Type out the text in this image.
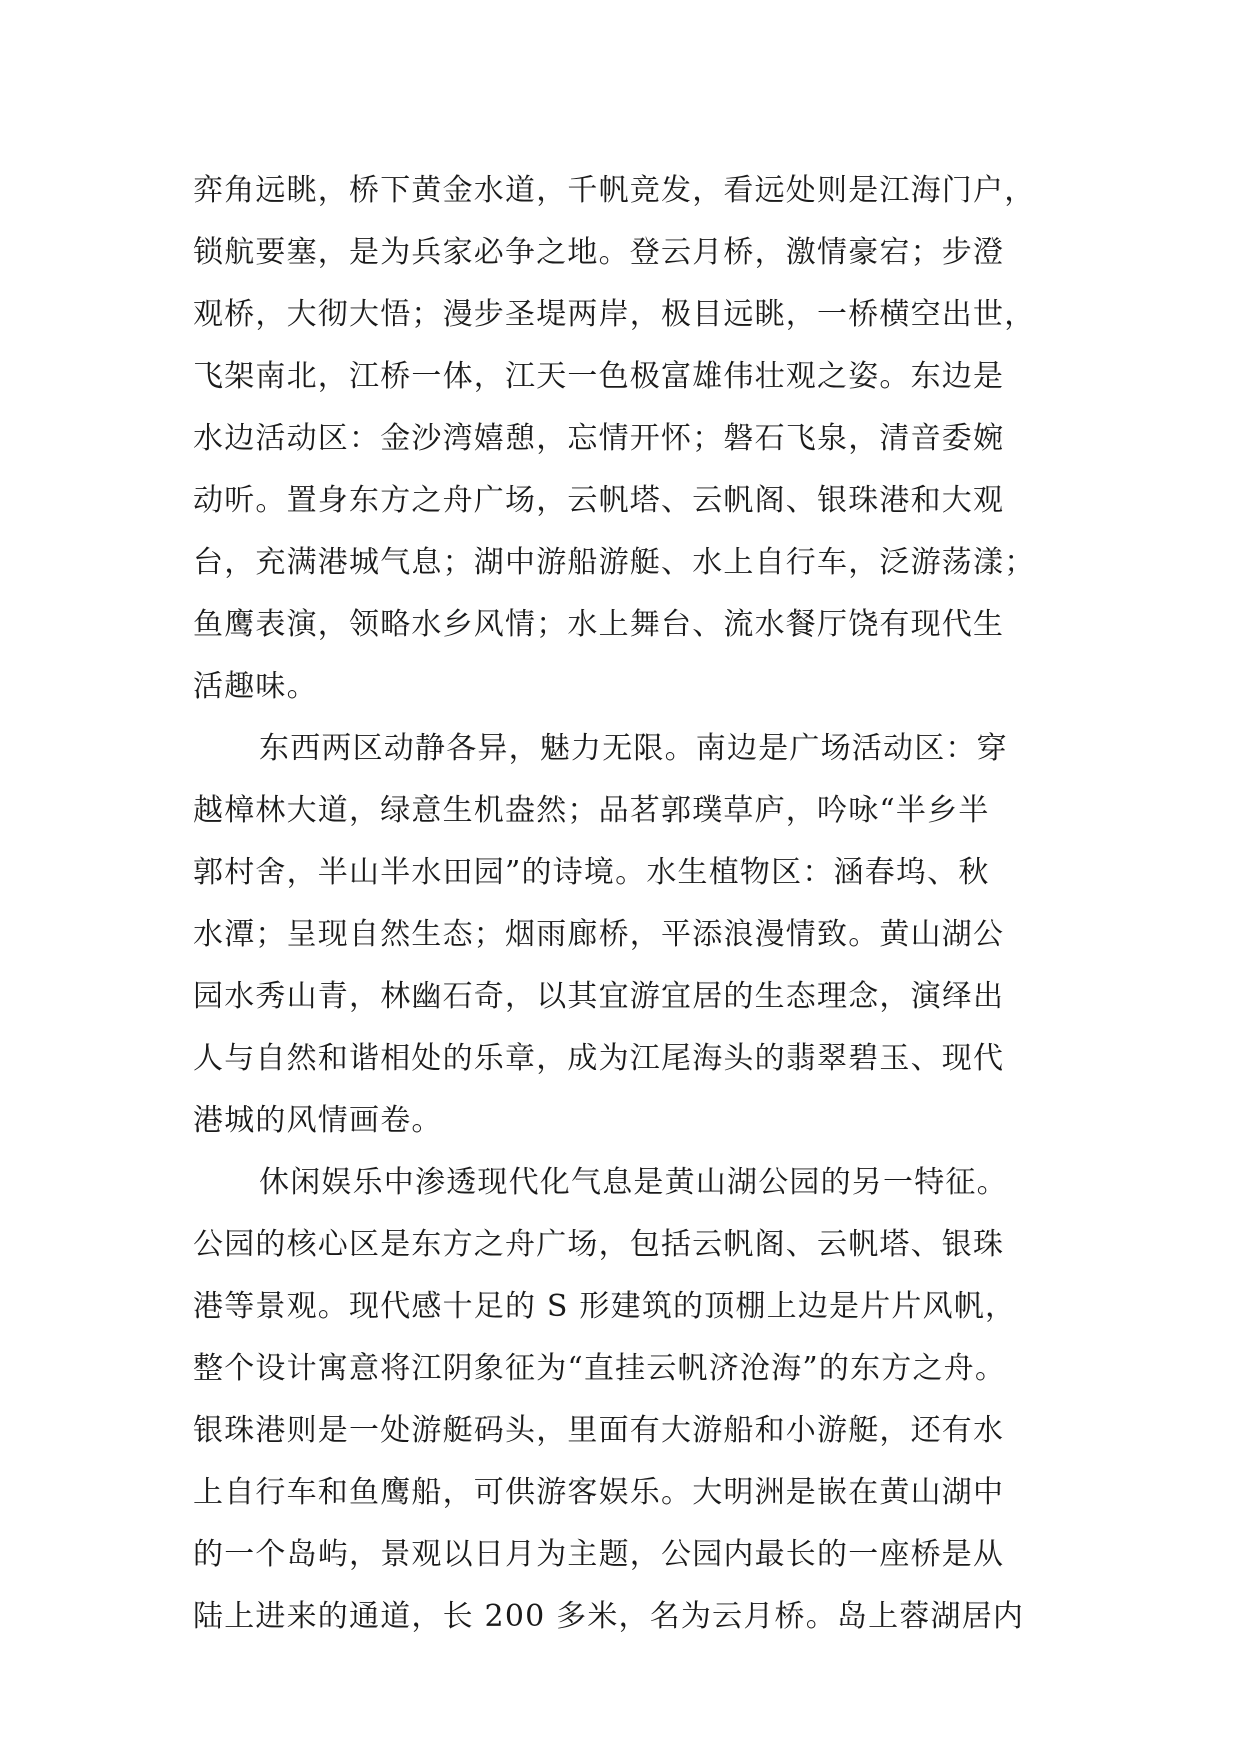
弈角远眺，桥下黄金水道，千帆竞发，看远处则是江海门户，
锁航要塞，是为兵家必争之地。登云月桥，激情豪宕；步澄
观桥，大彻大悟；漫步圣堤两岸，极目远眺，一桥横空出世，
飞架南北，江桥一体，江天一色极富雄伟壮观之姿。东边是
水边活动区：金沙湾嬉憩，忘情开怀；磐石飞泉，清音委婉
动听。置身东方之舟广场，云帆塔、云帆阁、银珠港和大观
台，充满港城气息；湖中游船游艇、水上自行车，泛游荡漾；
鱼鹰表演，领略水乡风情；水上舞台、流水餐厅饶有现代生
活趣味。
东西两区动静各异，魅力无限。南边是广场活动区：穿
越樟林大道，绿意生机盎然；品茗郭璞草庐，吟咏“半乡半
郭村舍，半山半水田园”的诗境。水生植物区：涵春坞、秋
水潭；呈现自然生态；烟雨廊桥，平添浪漫情致。黄山湖公
园水秀山青，林幽石奇，以其宜游宜居的生态理念，演绎出
人与自然和谐相处的乐章，成为江尾海头的翡翠碧玉、现代
港城的风情画卷。
休闲娱乐中渗透现代化气息是黄山湖公园的另一特征。
公园的核心区是东方之舟广场，包括云帆阁、云帆塔、银珠
港等景观。现代感十足的 S 形建筑的顶棚上边是片片风帆，
整个设计寓意将江阴象征为“直挂云帆济沧海”的东方之舟。
银珠港则是一处游艇码头，里面有大游船和小游艇，还有水
上自行车和鱼鹰船，可供游客娱乐。大明洲是嵌在黄山湖中
的一个岛屿，景观以日月为主题，公园内最长的一座桥是从
陆上进来的通道，长 200 多米，名为云月桥。岛上蓉湖居内
